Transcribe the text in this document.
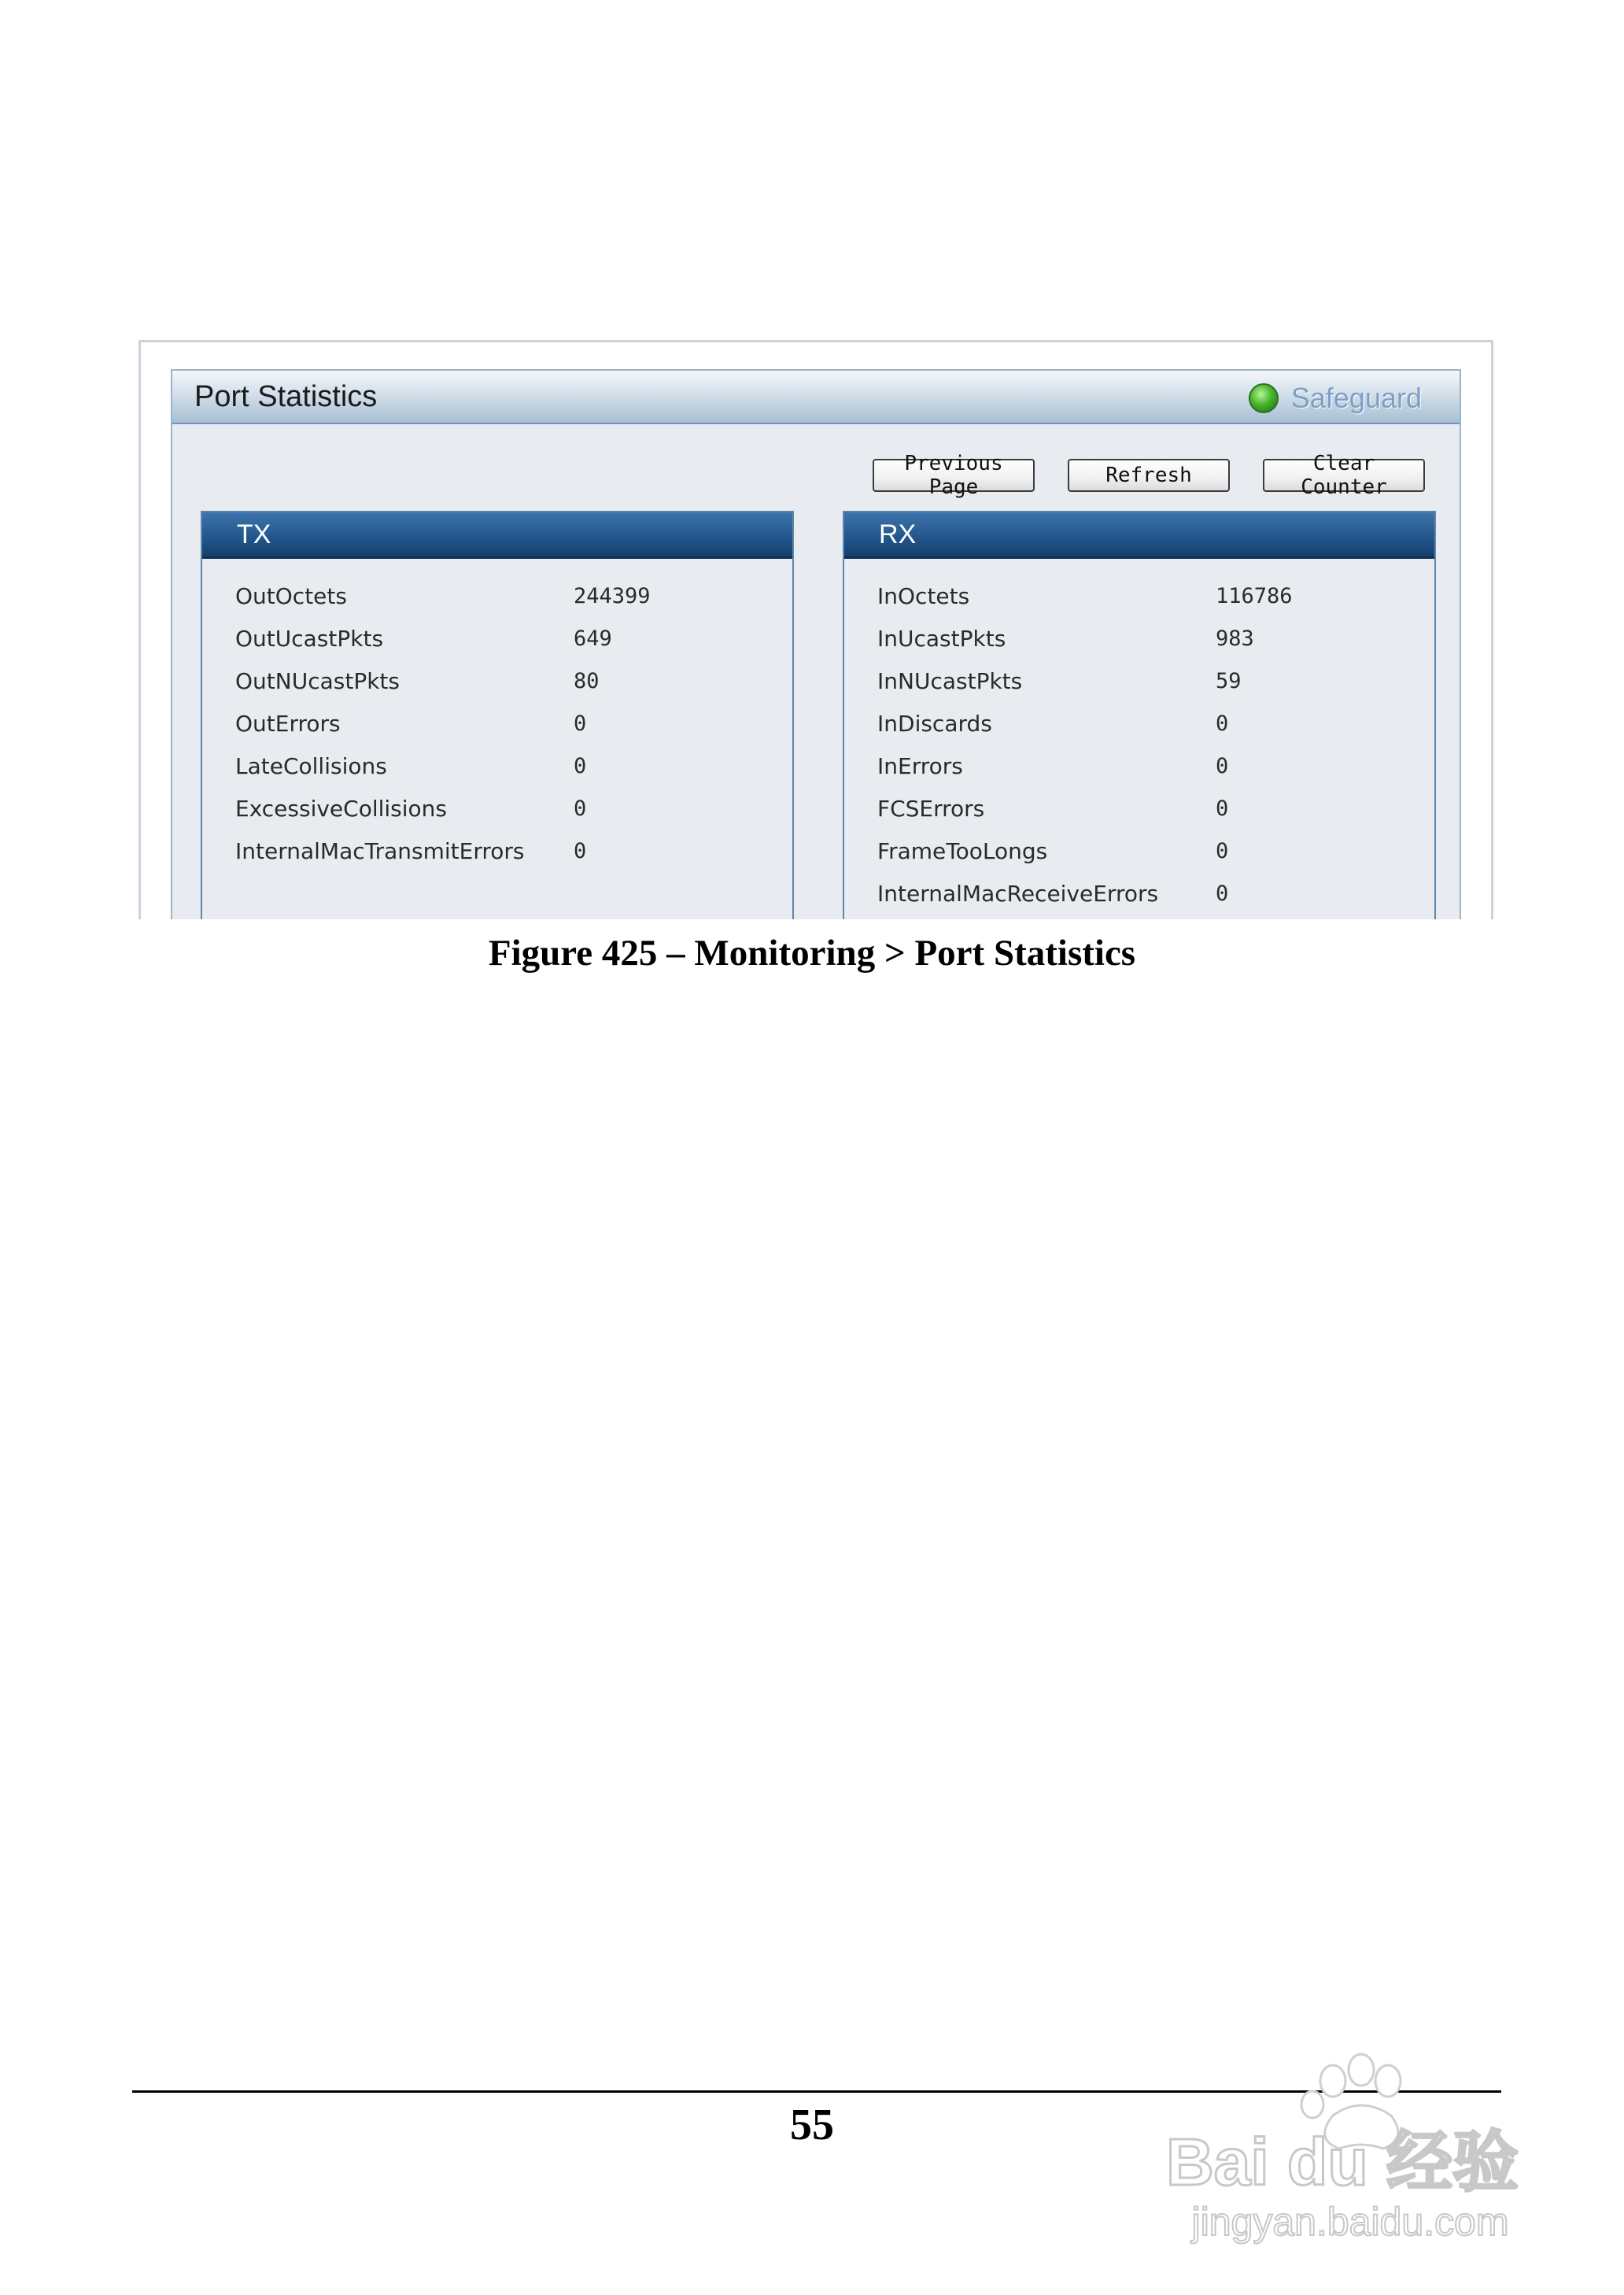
Port Statistics	Safeguard
Previous Page	Refresh	Clear Counter
TX
OutOctets	244399
OutUcastPkts	649
OutNUcastPkts	80
OutErrors	0
LateCollisions	0
ExcessiveCollisions	0
InternalMacTransmitErrors	0
RX
InOctets	116786
InUcastPkts	983
InNUcastPkts	59
InDiscards	0
InErrors	0
FCSErrors	0
FrameTooLongs	0
InternalMacReceiveErrors	0
Figure 425 – Monitoring > Port Statistics
55	Bai du 经验
jingyan.baidu.com
